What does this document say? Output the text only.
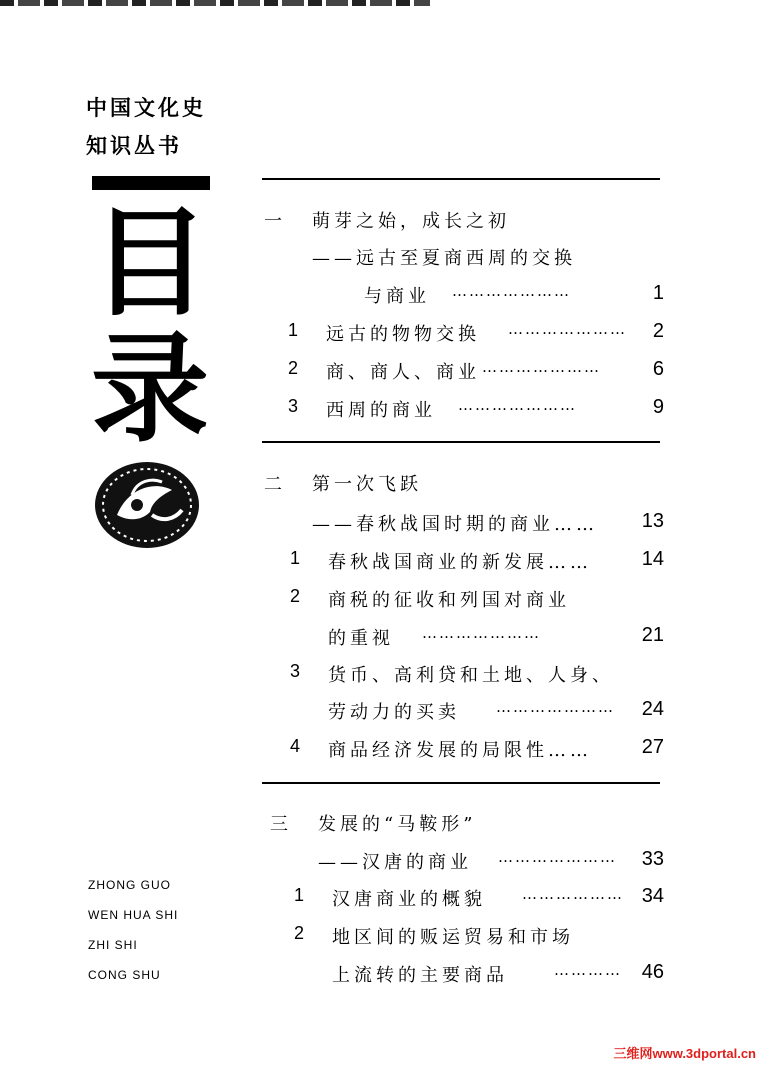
中国文化史
知识丛书
目
录
ZHONG GUO
WEN HUA SHI
ZHI SHI
CONG SHU
一 萌芽之始，成长之初
——远古至夏商西周的交换
与商业 …………………	1
1 远古的物物交换 ………………… 2
2 商、商人、商业 …………………	6
3 西周的商业 …………………	9
二 第一次飞跃
——春秋战国时期的商业…… 13
1 春秋战国商业的新发展…… 14
2 商税的征收和列国对商业
的重视 …………………	21
3 货币、高利贷和土地、人身、
劳动力的买卖 ………………… 24
4 商品经济发展的局限性…… 27
三 发展的“马鞍形”
——汉唐的商业 ………………… 33
1 汉唐商业的概貌 ……………… 34
2 地区间的贩运贸易和市场
上流转的主要商品	………… 46
三维网www.3dportal.cn
